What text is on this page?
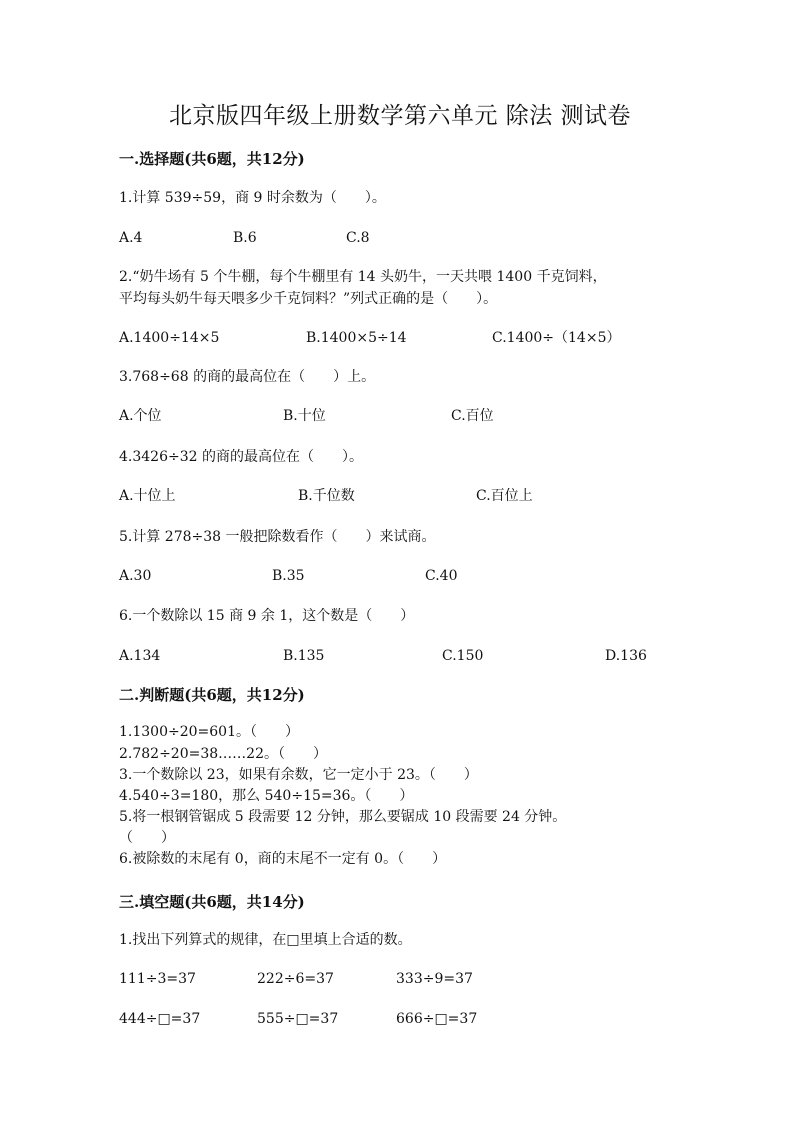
北京版四年级上册数学第六单元 除法 测试卷
一.选择题(共6题，共12分)
1.计算 539÷59，商 9 时余数为（　　）。
A.4	B.6	C.8
2.“奶牛场有 5 个牛棚，每个牛棚里有 14 头奶牛，一天共喂 1400 千克饲料，
平均每头奶牛每天喂多少千克饲料？”列式正确的是（　　）。
A.1400÷14×5	B.1400×5÷14	C.1400÷（14×5）
3.768÷68 的商的最高位在（　　）上。
A.个位	B.十位	C.百位
4.3426÷32 的商的最高位在（　　）。
A.十位上	B.千位数	C.百位上
5.计算 278÷38 一般把除数看作（　　）来试商。
A.30	B.35	C.40
6.一个数除以 15 商 9 余 1，这个数是（　　）
A.134	B.135	C.150	D.136
二.判断题(共6题，共12分)
1.1300÷20=601。（　　）
2.782÷20=38……22。（　　）
3.一个数除以 23，如果有余数，它一定小于 23。（　　）
4.540÷3=180，那么 540÷15=36。（　　）
5.将一根钢管锯成 5 段需要 12 分钟，那么要锯成 10 段需要 24 分钟。
（　　）
6.被除数的末尾有 0，商的末尾不一定有 0。（　　）
三.填空题(共6题，共14分)
1.找出下列算式的规律，在□里填上合适的数。
111÷3=37	222÷6=37	333÷9=37
444÷□=37	555÷□=37	666÷□=37
